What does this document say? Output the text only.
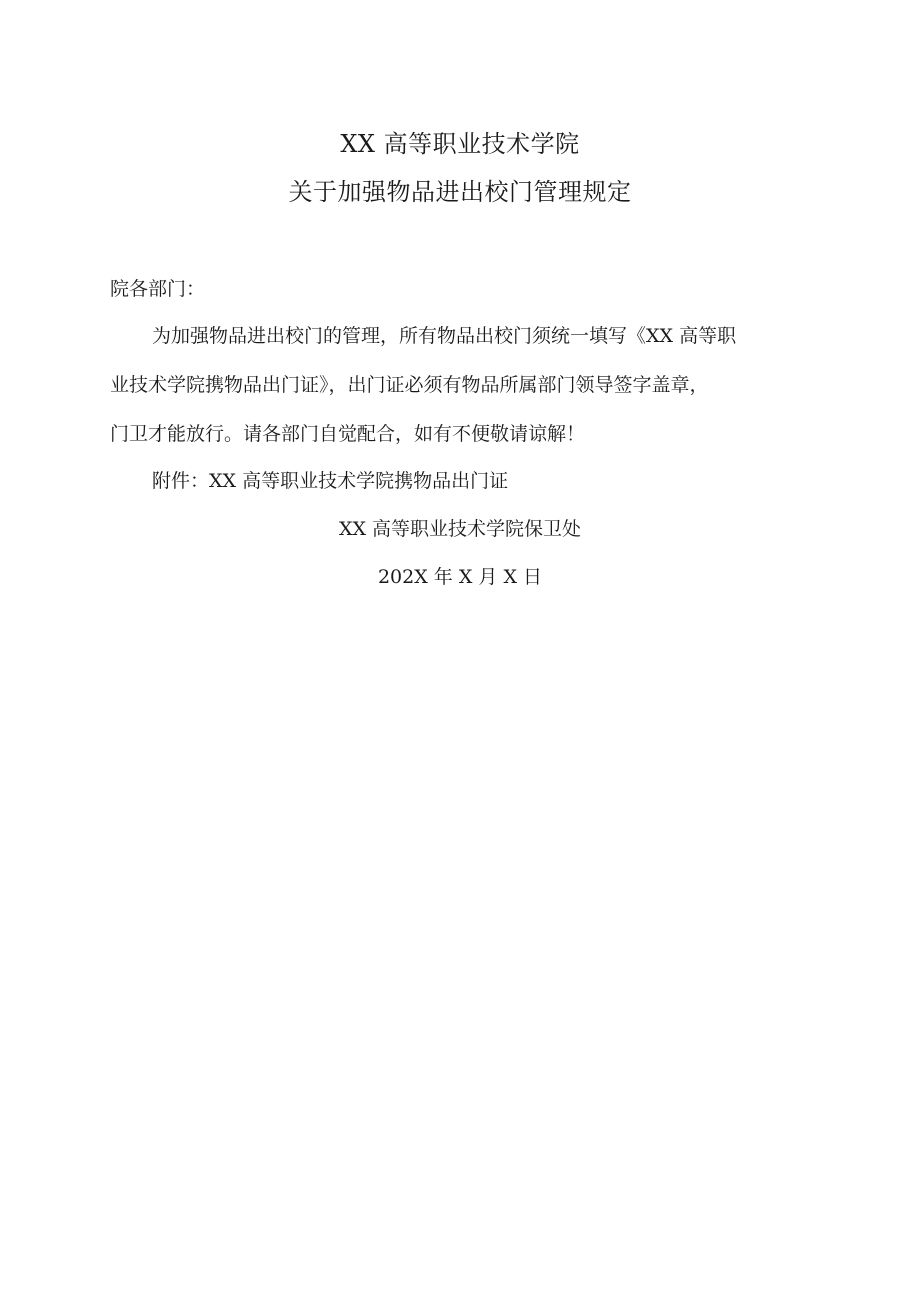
XX 高等职业技术学院
关于加强物品进出校门管理规定
院各部门：
为加强物品进出校门的管理，所有物品出校门须统一填写《XX 高等职
业技术学院携物品出门证》，出门证必须有物品所属部门领导签字盖章，
门卫才能放行。请各部门自觉配合，如有不便敬请谅解！
附件：XX 高等职业技术学院携物品出门证
XX 高等职业技术学院保卫处
202X 年 X 月 X 日
